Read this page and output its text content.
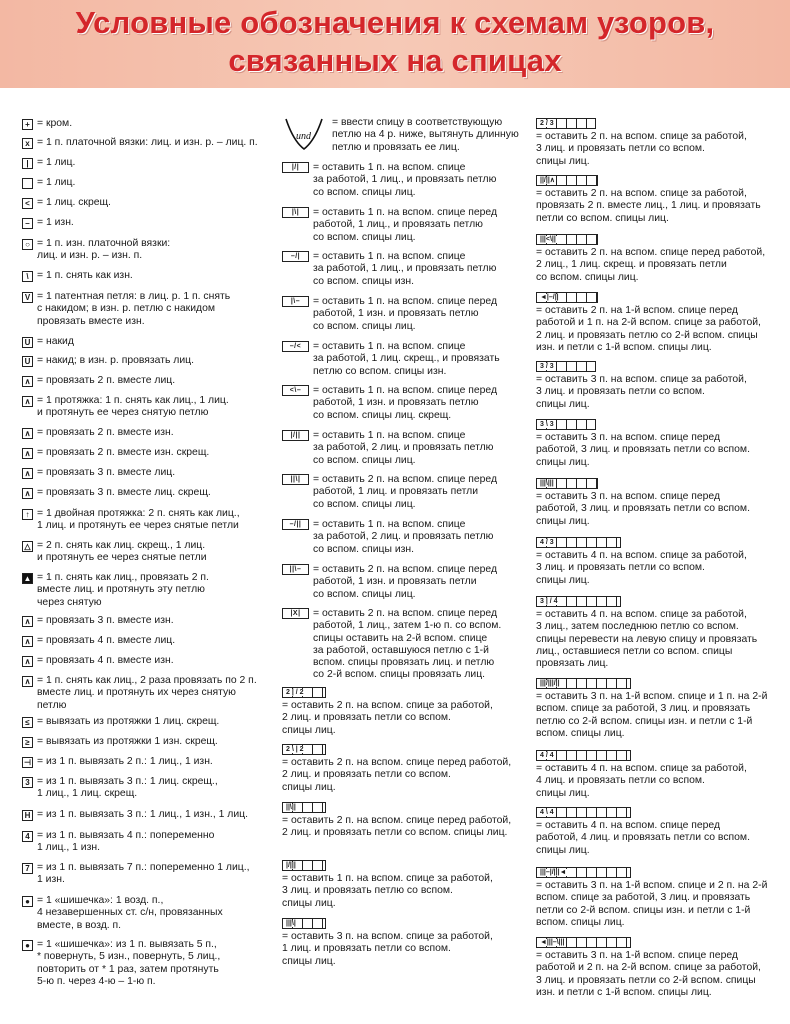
Условные обозначения к схемам узоров,
связанных на спицах
+ = кром.
x = 1 п. платочной вязки: лиц. и изн. р. – лиц. п.
| = 1 лиц.
= 1 лиц.
< = 1 лиц. скрещ.
– = 1 изн.
○ = 1 п. изн. платочной вязки:
лиц. и изн. р. – изн. п.
\ = 1 п. снять как изн.
V = 1 патентная петля: в лиц. р. 1 п. снять
с накидом; в изн. р. петлю с накидом
провязать вместе изн.
U = накид
U = накид; в изн. р. провязать лиц.
∧ = провязать 2 п. вместе лиц.
∧ = 1 протяжка: 1 п. снять как лиц., 1 лиц.
и протянуть ее через снятую петлю
∧ = провязать 2 п. вместе изн.
∧ = провязать 2 п. вместе изн. скрещ.
∧ = провязать 3 п. вместе лиц.
∧ = провязать 3 п. вместе лиц. скрещ.
↑ = 1 двойная протяжка: 2 п. снять как лиц.,
1 лиц. и протянуть ее через снятые петли
△ = 2 п. снять как лиц. скрещ., 1 лиц.
и протянуть ее через снятые петли
▲ = 1 п. снять как лиц., провязать 2 п.
вместе лиц. и протянуть эту петлю
через снятую
∧ = провязать 3 п. вместе изн.
∧ = провязать 4 п. вместе лиц.
∧ = провязать 4 п. вместе изн.
∧ = 1 п. снять как лиц., 2 раза провязать по 2 п.
вместе лиц. и протянуть их через снятую
петлю
≤ = вывязать из протяжки 1 лиц. скрещ.
≥ = вывязать из протяжки 1 изн. скрещ.
⊣ = из 1 п. вывязать 2 п.: 1 лиц., 1 изн.
3 = из 1 п. вывязать 3 п.: 1 лиц. скрещ.,
1 лиц., 1 лиц. скрещ.
H = из 1 п. вывязать 3 п.: 1 лиц., 1 изн., 1 лиц.
4 = из 1 п. вывязать 4 п.: попеременно
1 лиц., 1 изн.
7 = из 1 п. вывязать 7 п.: попеременно 1 лиц.,
1 изн.
● = 1 «шишечка»: 1 возд. п.,
4 незавершенных ст. с/н, провязанных
вместе, в возд. п.
● = 1 «шишечка»: из 1 п. вывязать 5 п.,
* повернуть, 5 изн., повернуть, 5 лиц.,
повторить от * 1 раз, затем протянуть
5-ю п. через 4-ю – 1-ю п.
und
= ввести спицу в соответствующую
петлю на 4 р. ниже, вытянуть длинную
петлю и провязать ее лиц.
|/|	= оставить 1 п. на вспом. спице
за работой, 1 лиц., и провязать петлю
со вспом. спицы лиц.
|\|	= оставить 1 п. на вспом. спице перед
работой, 1 лиц., и провязать петлю
со вспом. спицы лиц.
–/|	= оставить 1 п. на вспом. спице
за работой, 1 лиц., и провязать петлю
со вспом. спицы изн.
|\–	= оставить 1 п. на вспом. спице перед
работой, 1 изн. и провязать петлю
со вспом. спицы лиц.
–/<	= оставить 1 п. на вспом. спице
за работой, 1 лиц. скрещ., и провязать
петлю со вспом. спицы изн.
<\–	= оставить 1 п. на вспом. спице перед
работой, 1 изн. и провязать петлю
со вспом. спицы лиц. скрещ.
|/||	= оставить 1 п. на вспом. спице
за работой, 2 лиц. и провязать петлю
со вспом. спицы лиц.
||\|	= оставить 2 п. на вспом. спице перед
работой, 1 лиц. и провязать петли
со вспом. спицы лиц.
–/||	= оставить 1 п. на вспом. спице
за работой, 2 лиц. и провязать петлю
со вспом. спицы изн.
||\–	= оставить 2 п. на вспом. спице перед
работой, 1 изн. и провязать петли
со вспом. спицы лиц.
|X|	= оставить 2 п. на вспом. спице перед
работой, 1 лиц., затем 1-ю п. со вспом.
спицы оставить на 2-й вспом. спице
за работой, оставшуюся петлю с 1-й
вспом. спицы провязать лиц. и петлю
со 2-й вспом. спицы провязать лиц.
2 | / 2
= оставить 2 п. на вспом. спице за работой,
2 лиц. и провязать петли со вспом.
спицы лиц.
2 \ | 2
= оставить 2 п. на вспом. спице перед работой,
2 лиц. и провязать петли со вспом.
спицы лиц.
||\||
= оставить 2 п. на вспом. спице перед работой,
2 лиц. и провязать петли со вспом. спицы лиц.
|/|||
= оставить 1 п. на вспом. спице за работой,
3 лиц. и провязать петлю со вспом.
спицы лиц.
|||\|
= оставить 3 п. на вспом. спице за работой,
1 лиц. и провязать петли со вспом.
спицы лиц.
2 / 3
= оставить 2 п. на вспом. спице за работой,
3 лиц. и провязать петли со вспом.
спицы лиц.
||/||∧
= оставить 2 п. на вспом. спице за работой,
провязать 2 п. вместе лиц., 1 лиц. и провязать
петли со вспом. спицы лиц.
|||<\||
= оставить 2 п. на вспом. спице перед работой,
2 лиц., 1 лиц. скрещ. и провязать петли
со вспом. спицы лиц.
◄|–/||
= оставить 2 п. на 1-й вспом. спице перед
работой и 1 п. на 2-й вспом. спице за работой,
2 лиц. и провязать петлю со 2-й вспом. спицы
изн. и петли с 1-й вспом. спицы лиц.
3 / 3
= оставить 3 п. на вспом. спице за работой,
3 лиц. и провязать петли со вспом.
спицы лиц.
3 \ 3
= оставить 3 п. на вспом. спице перед
работой, 3 лиц. и провязать петли со вспом.
спицы лиц.
|||\|||
= оставить 3 п. на вспом. спице перед
работой, 3 лиц. и провязать петли со вспом.
спицы лиц.
4 / 3
= оставить 4 п. на вспом. спице за работой,
3 лиц. и провязать петли со вспом.
спицы лиц.
3 | / 4
= оставить 4 п. на вспом. спице за работой,
3 лиц., затем последнюю петлю со вспом.
спицы перевести на левую спицу и провязать
лиц., оставшиеся петли со вспом. спицы
провязать лиц.
|||/|||/||
= оставить 3 п. на 1-й вспом. спице и 1 п. на 2-й
вспом. спице за работой, 3 лиц. и провязать
петлю со 2-й вспом. спицы изн. и петли с 1-й
вспом. спицы лиц.
4 / 4
= оставить 4 п. на вспом. спице за работой,
4 лиц. и провязать петли со вспом.
спицы лиц.
4 \ 4
= оставить 4 п. на вспом. спице перед
работой, 4 лиц. и провязать петли со вспом.
спицы лиц.
|||–|/|||◄
= оставить 3 п. на 1-й вспом. спице и 2 п. на 2-й
вспом. спице за работой, 3 лиц. и провязать
петли со 2-й вспом. спицы изн. и петли с 1-й
вспом. спицы лиц.
◄|||–\|||
= оставить 3 п. на 1-й вспом. спице перед
работой и 2 п. на 2-й вспом. спице за работой,
3 лиц. и провязать петли со 2-й вспом. спицы
изн. и петли с 1-й вспом. спицы лиц.
